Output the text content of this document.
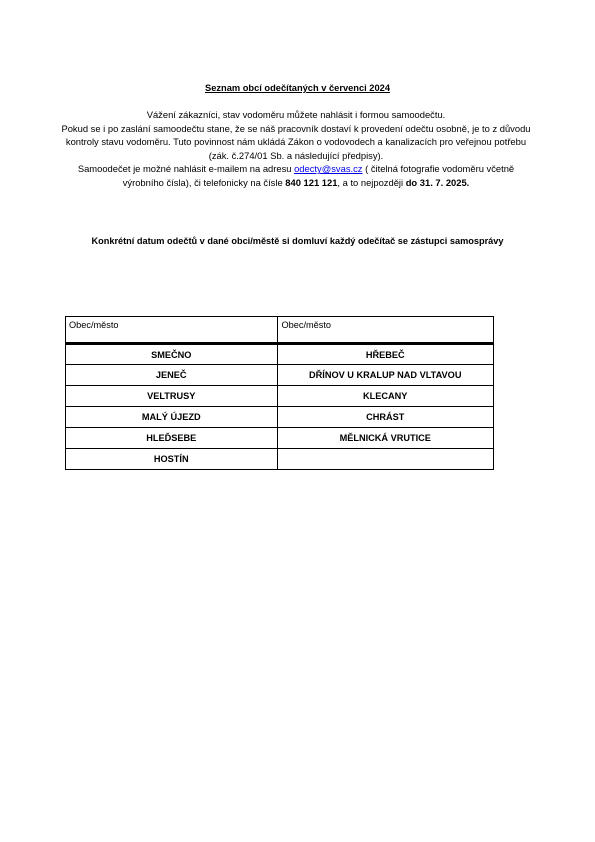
Seznam obcí odečítaných v červenci 2024
Vážení zákazníci, stav vodoměru můžete nahlásit i formou samoodečtu.
Pokud se i po zaslání samoodečtu stane, že se náš pracovník dostaví k provedení odečtu osobně, je to z důvodu kontroly stavu vodoměru. Tuto povinnost nám ukládá Zákon o vodovodech a kanalizacích pro veřejnou potřebu (zák. č.274/01 Sb. a následující předpisy).
Samoodečet je možné nahlásit e-mailem na adresu odecty@svas.cz ( čitelná fotografie vodoměru včetně výrobního čísla), či telefonicky na čísle 840 121 121, a to nejpozději do 31. 7. 2025.
Konkrétní datum odečtů v dané obci/městě si domluví každý odečítač se zástupci samosprávy
Obec/město	Obec/město
SMEČNO	HŘEBEČ
JENEČ	DŘÍNOV U KRALUP NAD VLTAVOU
VELTRUSY	KLECANY
MALÝ ÚJEZD	CHRÁST
HLEĎSEBE	MĚLNICKÁ VRUTICE
HOSTÍN	
